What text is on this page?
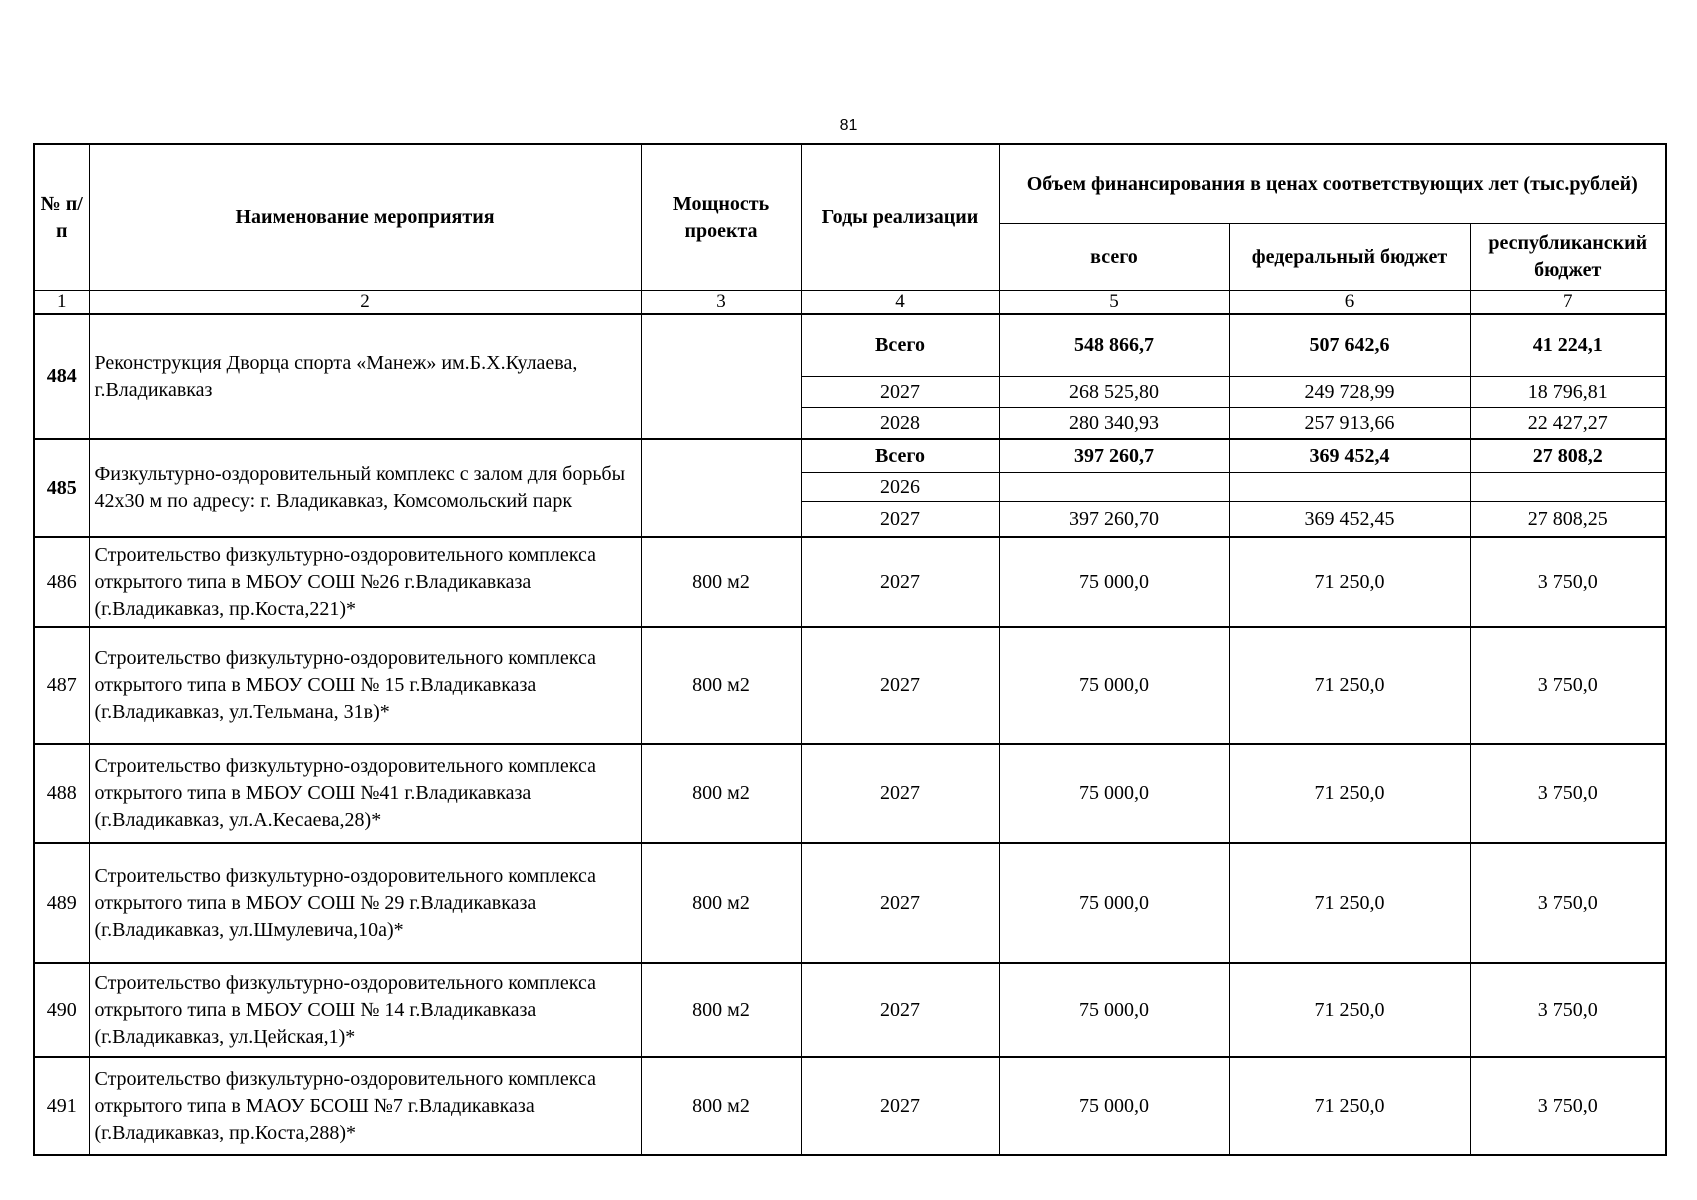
81
№ п/п	Наименование мероприятия	Мощность проекта	Годы реализации	Объем финансирования в ценах соответствующих лет (тыс.рублей)		
				всего	федеральный бюджет	республиканский бюджет
1	2	3	4	5	6	7
484	Реконструкция Дворца спорта «Манеж» им.Б.Х.Кулаева, г.Владикавказ		Всего	548 866,7	507 642,6	41 224,1
			2027	268 525,80	249 728,99	18 796,81
			2028	280 340,93	257 913,66	22 427,27
485	Физкультурно-оздоровительный комплекс с залом для борьбы 42х30 м по адресу: г. Владикавказ, Комсомольский парк		Всего	397 260,7	369 452,4	27 808,2
			2026			
			2027	397 260,70	369 452,45	27 808,25
486	Строительство физкультурно-оздоровительного комплекса открытого типа в МБОУ СОШ №26 г.Владикавказа (г.Владикавказ, пр.Коста,221)*	800 м2	2027	75 000,0	71 250,0	3 750,0
487	Строительство физкультурно-оздоровительного комплекса открытого типа в МБОУ СОШ № 15 г.Владикавказа (г.Владикавказ, ул.Тельмана, 31в)*	800 м2	2027	75 000,0	71 250,0	3 750,0
488	Строительство физкультурно-оздоровительного комплекса открытого типа в МБОУ СОШ №41 г.Владикавказа (г.Владикавказ, ул.А.Кесаева,28)*	800 м2	2027	75 000,0	71 250,0	3 750,0
489	Строительство физкультурно-оздоровительного комплекса открытого типа в МБОУ СОШ № 29 г.Владикавказа (г.Владикавказ, ул.Шмулевича,10а)*	800 м2	2027	75 000,0	71 250,0	3 750,0
490	Строительство физкультурно-оздоровительного комплекса открытого типа в МБОУ СОШ № 14 г.Владикавказа (г.Владикавказ, ул.Цейская,1)*	800 м2	2027	75 000,0	71 250,0	3 750,0
491	Строительство физкультурно-оздоровительного комплекса открытого типа в МАОУ БСОШ №7 г.Владикавказа (г.Владикавказ, пр.Коста,288)*	800 м2	2027	75 000,0	71 250,0	3 750,0
